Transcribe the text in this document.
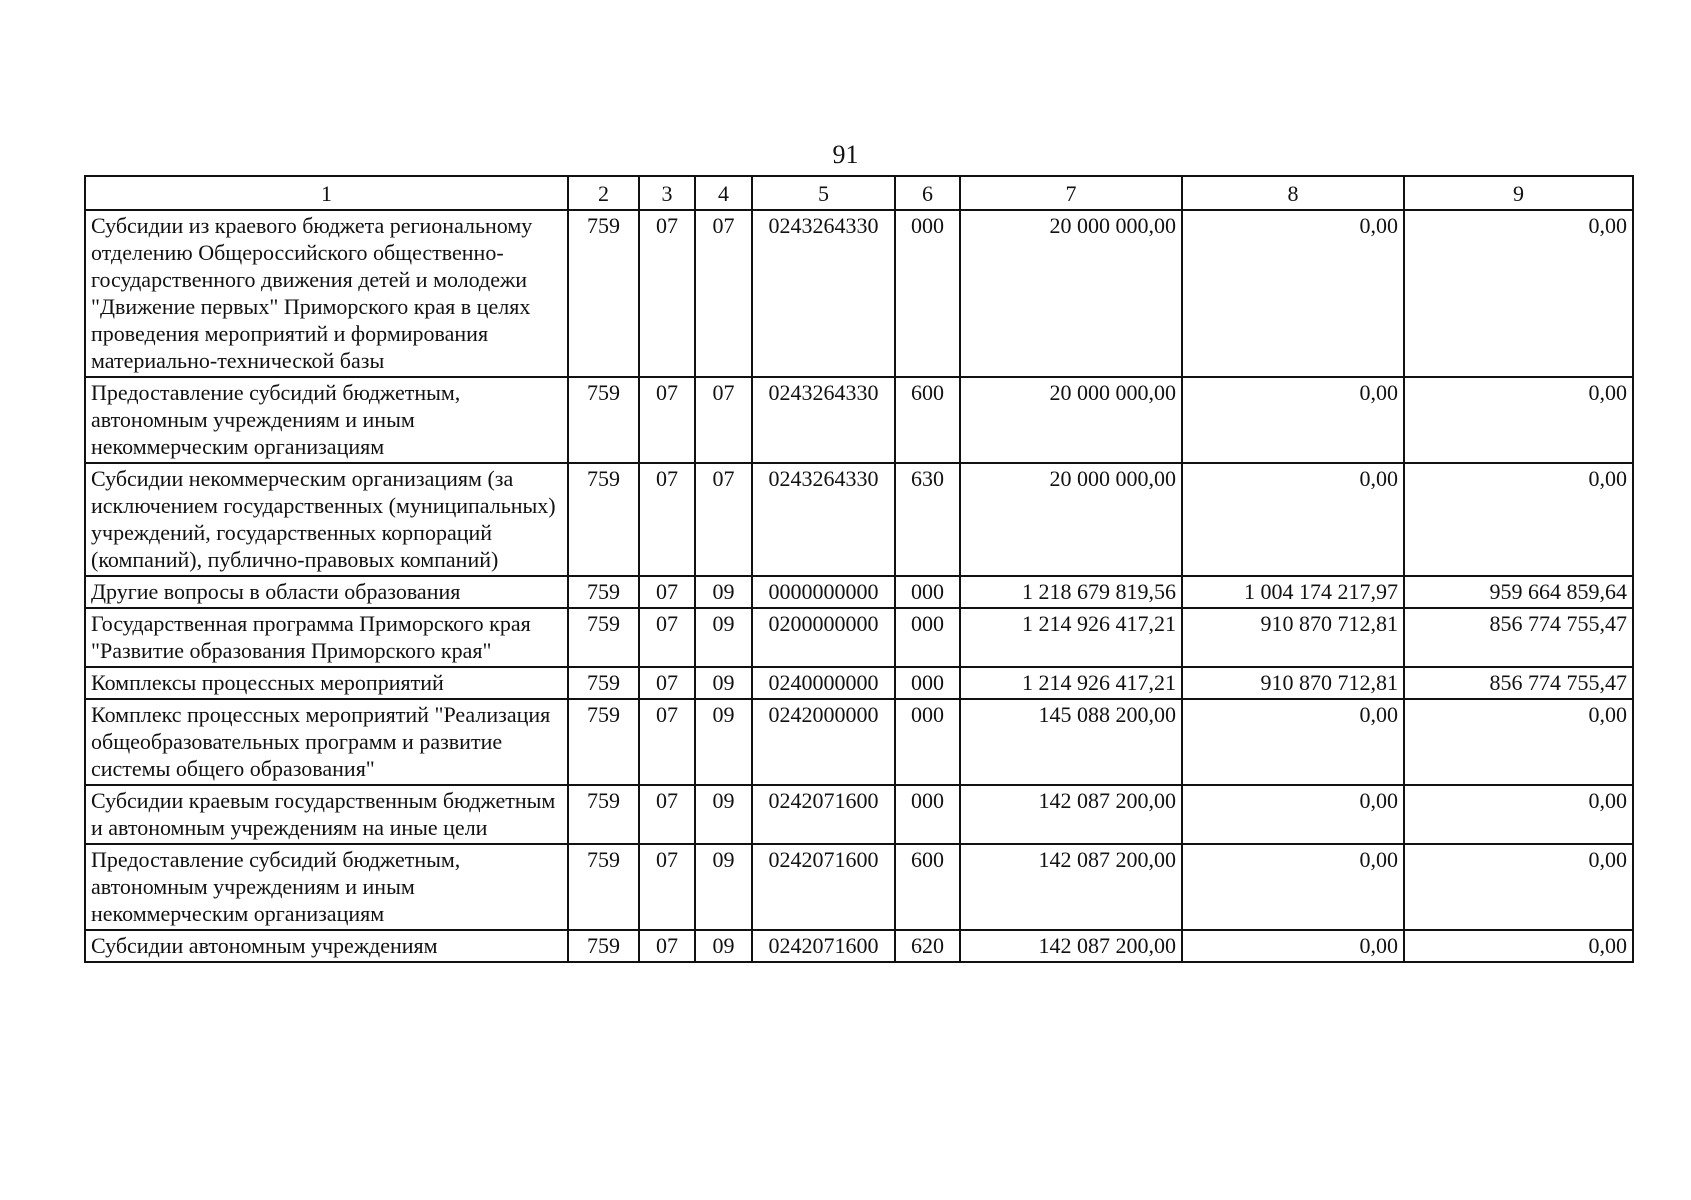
91
1	2	3	4	5	6	7	8	9
Субсидии из краевого бюджета региональному отделению Общероссийского общественно-государственного движения детей и молодежи "Движение первых" Приморского края в целях проведения мероприятий и формирования материально-технической базы	759	07	07	0243264330	000	20 000 000,00	0,00	0,00
Предоставление субсидий бюджетным, автономным учреждениям и иным некоммерческим организациям	759	07	07	0243264330	600	20 000 000,00	0,00	0,00
Субсидии некоммерческим организациям (за исключением государственных (муниципальных) учреждений, государственных корпораций (компаний), публично-правовых компаний)	759	07	07	0243264330	630	20 000 000,00	0,00	0,00
Другие вопросы в области образования	759	07	09	0000000000	000	1 218 679 819,56	1 004 174 217,97	959 664 859,64
Государственная программа Приморского края "Развитие образования Приморского края"	759	07	09	0200000000	000	1 214 926 417,21	910 870 712,81	856 774 755,47
Комплексы процессных мероприятий	759	07	09	0240000000	000	1 214 926 417,21	910 870 712,81	856 774 755,47
Комплекс процессных мероприятий "Реализация общеобразовательных программ и развитие системы общего образования"	759	07	09	0242000000	000	145 088 200,00	0,00	0,00
Субсидии краевым государственным бюджетным и автономным учреждениям на иные цели	759	07	09	0242071600	000	142 087 200,00	0,00	0,00
Предоставление субсидий бюджетным, автономным учреждениям и иным некоммерческим организациям	759	07	09	0242071600	600	142 087 200,00	0,00	0,00
Субсидии автономным учреждениям	759	07	09	0242071600	620	142 087 200,00	0,00	0,00
